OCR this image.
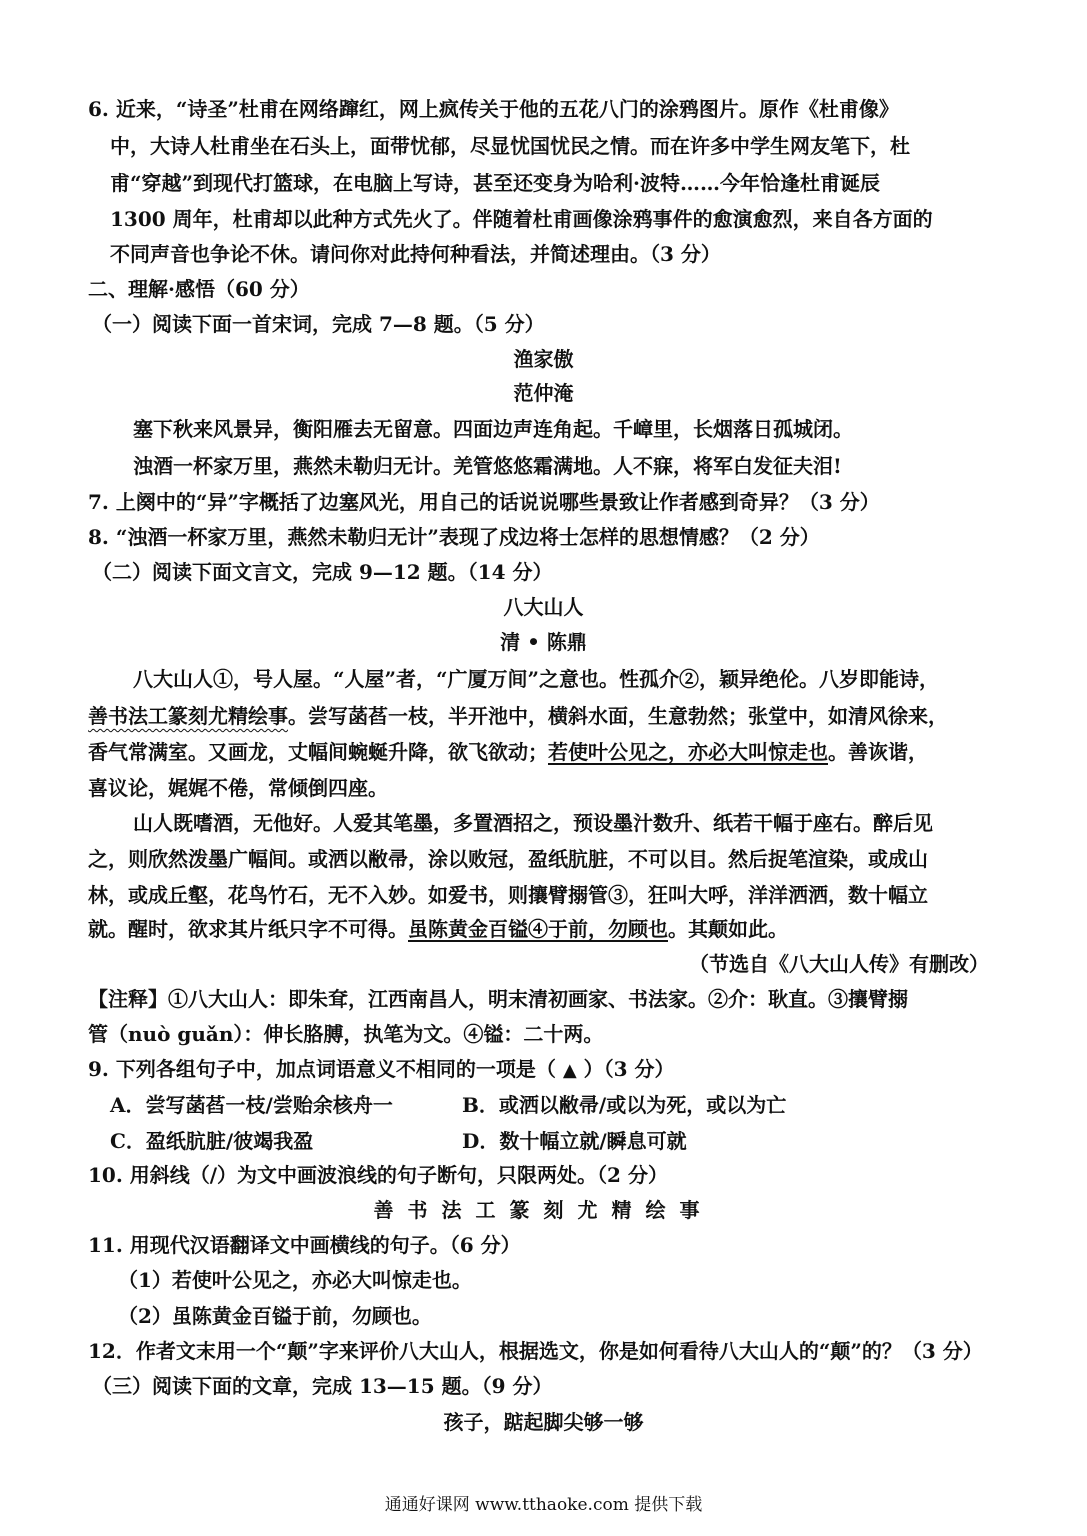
6. 近来，“诗圣”杜甫在网络蹿红，网上疯传关于他的五花八门的涂鸦图片。原作《杜甫像》
中，大诗人杜甫坐在石头上，面带忧郁，尽显忧国忧民之情。而在许多中学生网友笔下，杜
甫“穿越”到现代打篮球，在电脑上写诗，甚至还变身为哈利·波特……今年恰逢杜甫诞辰
1300 周年，杜甫却以此种方式先火了。伴随着杜甫画像涂鸦事件的愈演愈烈，来自各方面的
不同声音也争论不休。请问你对此持何种看法，并简述理由。（3 分）
二、理解·感悟（60 分）
（一）阅读下面一首宋词，完成 7—8 题。（5 分）
渔家傲
范仲淹
塞下秋来风景异，衡阳雁去无留意。四面边声连角起。千嶂里，长烟落日孤城闭。
浊酒一杯家万里，燕然未勒归无计。羌管悠悠霜满地。人不寐，将军白发征夫泪!
7. 上阕中的“异”字概括了边塞风光，用自己的话说说哪些景致让作者感到奇异？（3 分）
8. “浊酒一杯家万里，燕然未勒归无计”表现了戍边将士怎样的思想情感？（2 分）
（二）阅读下面文言文，完成 9—12 题。（14 分）
八大山人
清 • 陈鼎
八大山人①，号人屋。“人屋”者，“广厦万间”之意也。性孤介②，颖异绝伦。八岁即能诗，
善书法工篆刻尤精绘事。尝写菡萏一枝，半开池中，横斜水面，生意勃然；张堂中，如清风徐来，
香气常满室。又画龙，丈幅间蜿蜒升降，欲飞欲动；若使叶公见之，亦必大叫惊走也。善诙谐，
喜议论，娓娓不倦，常倾倒四座。
山人既嗜酒，无他好。人爱其笔墨，多置酒招之，预设墨汁数升、纸若干幅于座右。醉后见
之，则欣然泼墨广幅间。或洒以敝帚，涂以败冠，盈纸肮脏，不可以目。然后捉笔渲染，或成山
林，或成丘壑，花鸟竹石，无不入妙。如爱书，则攘臂搦管③，狂叫大呼，洋洋洒洒，数十幅立
就。醒时，欲求其片纸只字不可得。虽陈黄金百镒④于前，勿顾也。其颠如此。
（节选自《八大山人传》有删改）
【注释】①八大山人：即朱耷，江西南昌人，明末清初画家、书法家。②介：耿直。③攘臂搦
管（nuò guǎn）：伸长胳膊，执笔为文。④镒：二十两。
9. 下列各组句子中，加点词语意义不相同的一项是（ ▲ ）（3 分）
A．尝写菡萏一枝/尝贻余核舟一	B．或洒以敝帚/或以为死，或以为亡
C．盈纸肮脏/彼竭我盈	D．数十幅立就/瞬息可就
10. 用斜线（/）为文中画波浪线的句子断句，只限两处。（2 分）
善书法工篆刻尤精绘事
11. 用现代汉语翻译文中画横线的句子。（6 分）
（1）若使叶公见之，亦必大叫惊走也。
（2）虽陈黄金百镒于前，勿顾也。
12．作者文末用一个“颠”字来评价八大山人，根据选文，你是如何看待八大山人的“颠”的？（3 分）
（三）阅读下面的文章，完成 13—15 题。（9 分）
孩子，踮起脚尖够一够
通通好课网 www.tthaoke.com 提供下载
